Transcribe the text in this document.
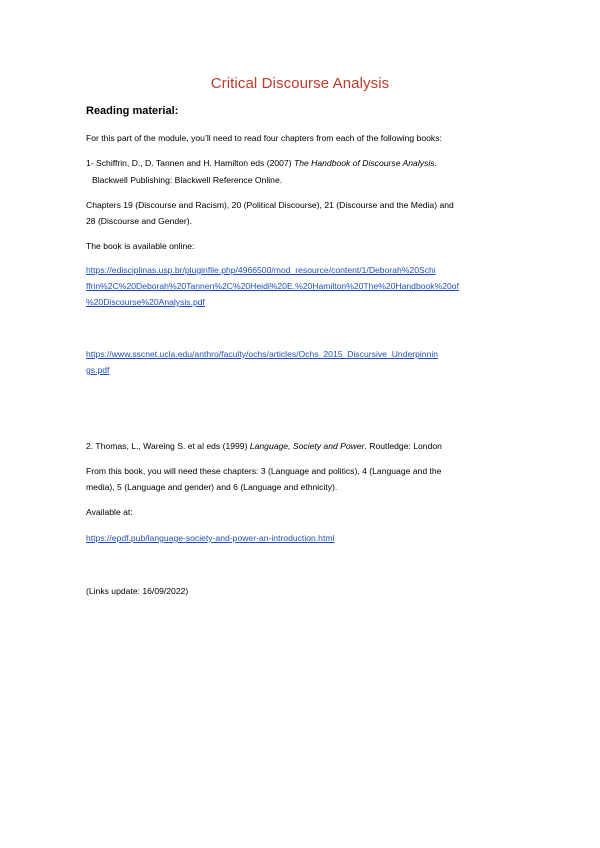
Critical Discourse Analysis
Reading material:
For this part of the module, you’ll need to read four chapters from each of the following books:
1- Schiffrin, D., D. Tannen and H. Hamilton eds (2007) The Handbook of Discourse Analysis.
Blackwell Publishing: Blackwell Reference Online.
Chapters 19 (Discourse and Racism), 20 (Political Discourse), 21 (Discourse and the Media) and
28 (Discourse and Gender).
The book is available online:
https://edisciplinas.usp.br/pluginfile.php/4966500/mod_resource/content/1/Deborah%20Schi
ffrin%2C%20Deborah%20Tannen%2C%20Heidi%20E.%20Hamilton%20The%20Handbook%20of
%20Discourse%20Analysis.pdf
https://www.sscnet.ucla.edu/anthro/faculty/ochs/articles/Ochs_2015_Discursive_Underpinnin
gs.pdf
2. Thomas, L., Wareing S. et al eds (1999) Language, Society and Power. Routledge: London
From this book, you will need these chapters: 3 (Language and politics), 4 (Language and the
media), 5 (Language and gender) and 6 (Language and ethnicity).
Available at:
https://epdf.pub/language-society-and-power-an-introduction.html
(Links update: 16/09/2022)
